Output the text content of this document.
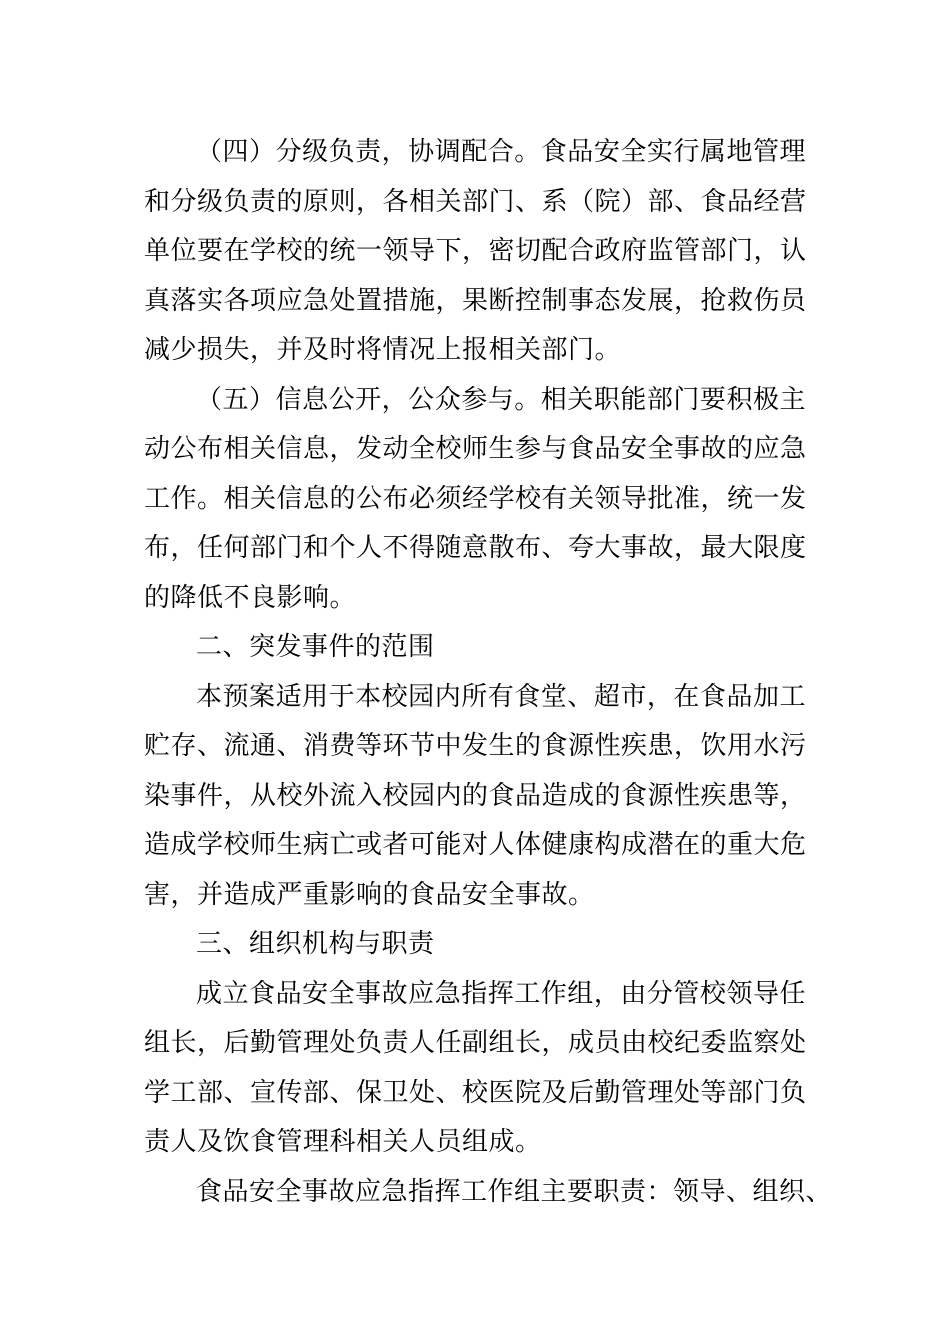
（四）分级负责，协调配合。食品安全实行属地管理
和分级负责的原则，各相关部门、系（院）部、食品经营
单位要在学校的统一领导下，密切配合政府监管部门，认
真落实各项应急处置措施，果断控制事态发展，抢救伤员
减少损失，并及时将情况上报相关部门。
（五）信息公开，公众参与。相关职能部门要积极主
动公布相关信息，发动全校师生参与食品安全事故的应急
工作。相关信息的公布必须经学校有关领导批准，统一发
布，任何部门和个人不得随意散布、夸大事故，最大限度
的降低不良影响。
二、突发事件的范围
本预案适用于本校园内所有食堂、超市，在食品加工
贮存、流通、消费等环节中发生的食源性疾患，饮用水污
染事件，从校外流入校园内的食品造成的食源性疾患等，
造成学校师生病亡或者可能对人体健康构成潜在的重大危
害，并造成严重影响的食品安全事故。
三、组织机构与职责
成立食品安全事故应急指挥工作组，由分管校领导任
组长，后勤管理处负责人任副组长，成员由校纪委监察处
学工部、宣传部、保卫处、校医院及后勤管理处等部门负
责人及饮食管理科相关人员组成。
食品安全事故应急指挥工作组主要职责：领导、组织、
